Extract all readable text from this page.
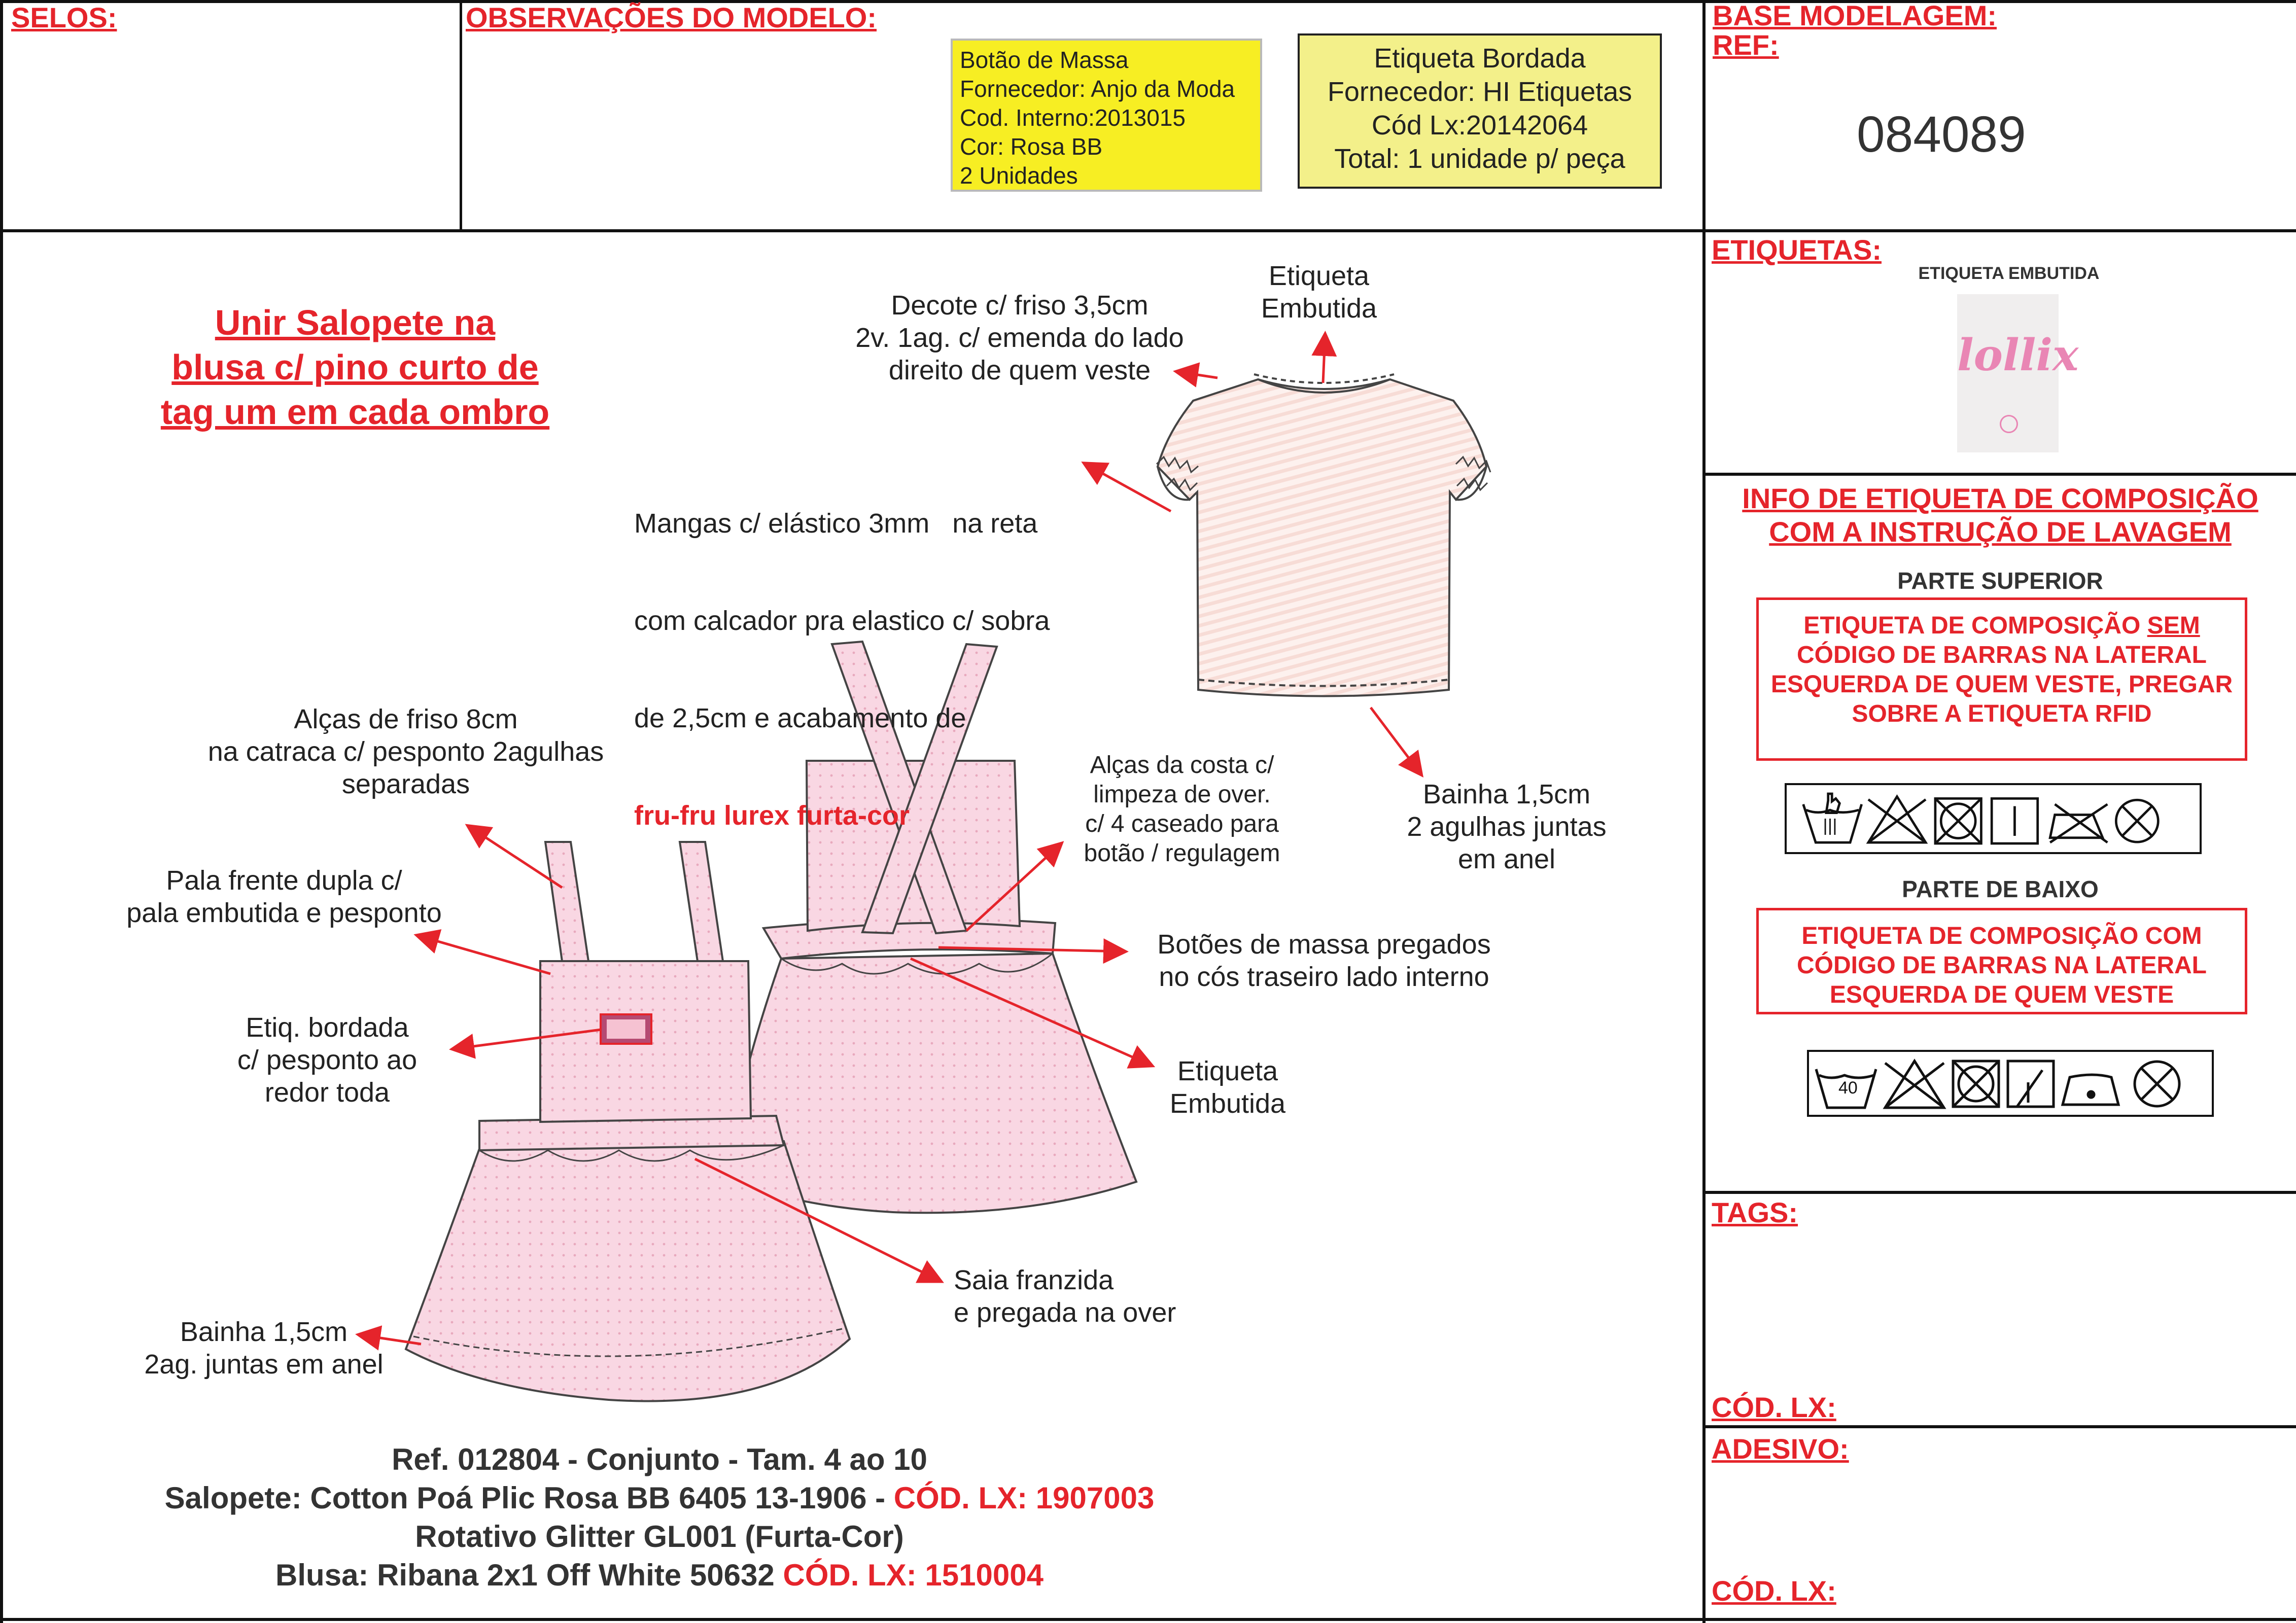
SELOS:	OBSERVAÇÕES DO MODELO:	BASE MODELAGEM:
REF:
084089
Botão de Massa
Fornecedor: Anjo da Moda
Cod. Interno:2013015
Cor: Rosa BB
2 Unidades
Etiqueta Bordada
Fornecedor: HI Etiquetas
Cód Lx:20142064
Total: 1 unidade p/ peça
Unir Salopete na
blusa c/ pino curto de
tag um em cada ombro
Etiqueta
Embutida
Decote c/ friso 3,5cm
2v. 1ag. c/ emenda do lado
direito de quem veste

Mangas c/ elástico 3mm   na reta

com calcador pra elastico c/ sobra

de 2,5cm e acabamento de

fru-fru lurex furta-cor

Bainha 1,5cm
2 agulhas juntas
em anel
Alças de friso 8cm
na catraca c/ pesponto 2agulhas
separadas
Pala frente dupla c/
pala embutida e pesponto
Etiq. bordada
c/ pesponto ao
redor toda
Bainha 1,5cm
2ag. juntas em anel
Alças da costa c/
limpeza de over.
c/ 4 caseado para
botão / regulagem
Botões de massa pregados
no cós traseiro lado interno
Etiqueta
Embutida
Saia franzida
e pregada na over
Ref. 012804 - Conjunto - Tam. 4 ao 10
Salopete: Cotton Poá Plic Rosa BB 6405 13-1906 - CÓD. LX: 1907003
Rotativo Glitter GL001 (Furta-Cor)
Blusa: Ribana 2x1 Off White 50632 CÓD. LX: 1510004
ETIQUETAS:
ETIQUETA EMBUTIDA
lollix
INFO DE ETIQUETA DE COMPOSIÇÃO
COM A INSTRUÇÃO DE LAVAGEM
PARTE SUPERIOR
ETIQUETA DE COMPOSIÇÃO SEM
CÓDIGO DE BARRAS NA LATERAL
ESQUERDA DE QUEM VESTE, PREGAR
SOBRE A ETIQUETA RFID
PARTE DE BAIXO
ETIQUETA DE COMPOSIÇÃO COM
CÓDIGO DE BARRAS NA LATERAL
ESQUERDA DE QUEM VESTE
40
TAGS:
CÓD. LX:
ADESIVO:
CÓD. LX:
